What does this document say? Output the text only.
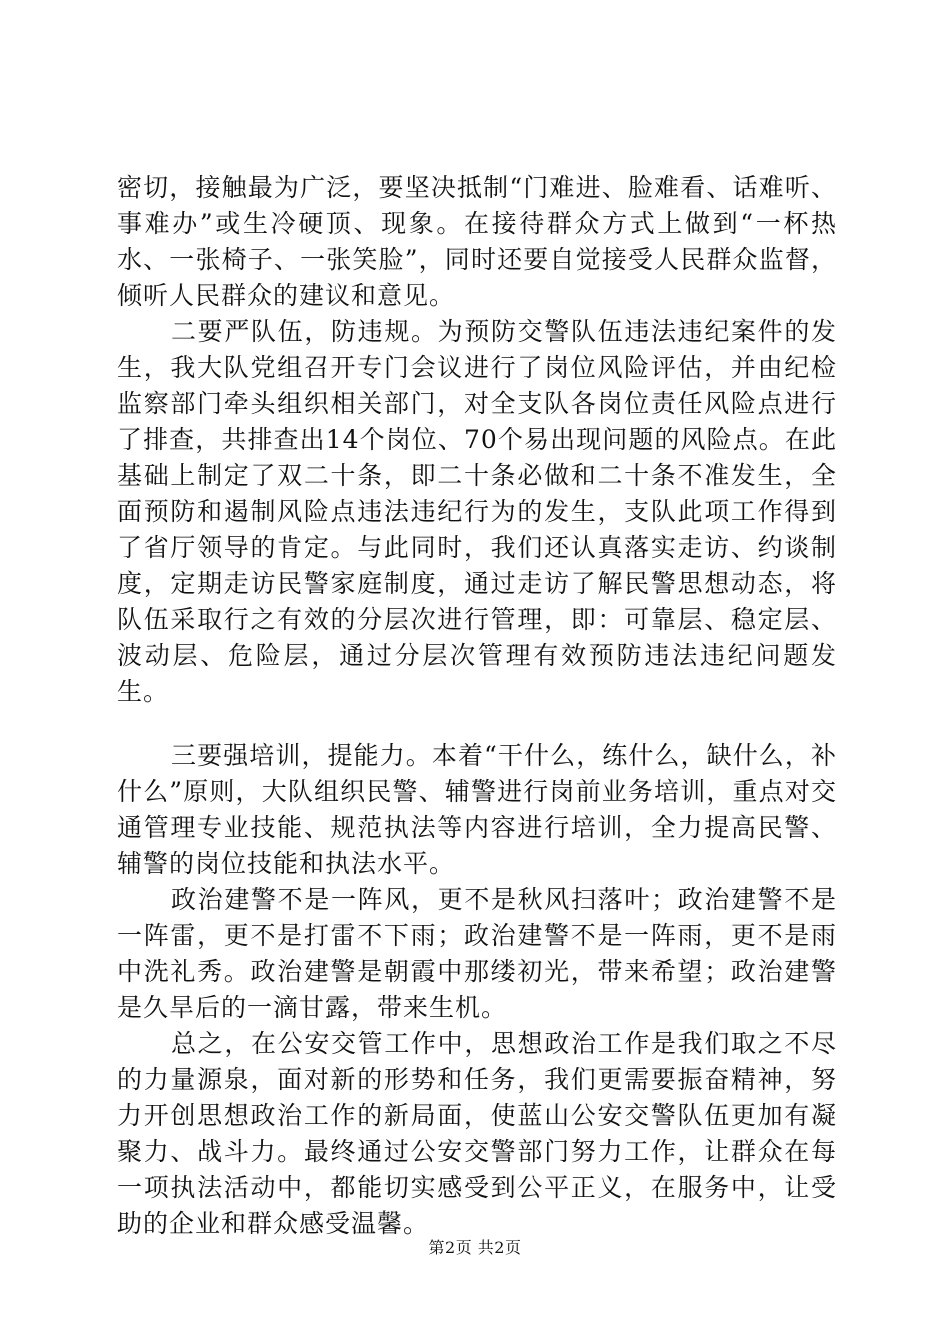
密切，接触最为广泛，要坚决抵制“门难进、脸难看、话难听、事难办”或生冷硬顶、现象。在接待群众方式上做到“一杯热水、一张椅子、一张笑脸”，同时还要自觉接受人民群众监督，倾听人民群众的建议和意见。

二要严队伍，防违规。为预防交警队伍违法违纪案件的发生，我大队党组召开专门会议进行了岗位风险评估，并由纪检监察部门牵头组织相关部门，对全支队各岗位责任风险点进行了排查，共排查出14个岗位、70个易出现问题的风险点。在此基础上制定了双二十条，即二十条必做和二十条不准发生，全面预防和遏制风险点违法违纪行为的发生，支队此项工作得到了省厅领导的肯定。与此同时，我们还认真落实走访、约谈制度，定期走访民警家庭制度，通过走访了解民警思想动态，将队伍采取行之有效的分层次进行管理，即：可靠层、稳定层、波动层、危险层，通过分层次管理有效预防违法违纪问题发生。

三要强培训，提能力。本着“干什么，练什么，缺什么，补什么”原则，大队组织民警、辅警进行岗前业务培训，重点对交通管理专业技能、规范执法等内容进行培训，全力提高民警、辅警的岗位技能和执法水平。

政治建警不是一阵风，更不是秋风扫落叶；政治建警不是一阵雷，更不是打雷不下雨；政治建警不是一阵雨，更不是雨中洗礼秀。政治建警是朝霞中那缕初光，带来希望；政治建警是久旱后的一滴甘露，带来生机。

总之，在公安交管工作中，思想政治工作是我们取之不尽的力量源泉，面对新的形势和任务，我们更需要振奋精神，努力开创思想政治工作的新局面，使蓝山公安交警队伍更加有凝聚力、战斗力。最终通过公安交警部门努力工作，让群众在每一项执法活动中，都能切实感受到公平正义，在服务中，让受助的企业和群众感受温馨。

第2页 共2页
